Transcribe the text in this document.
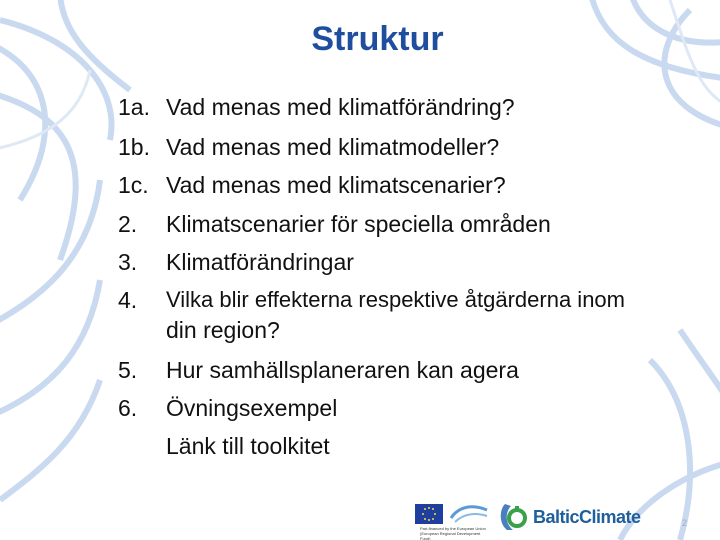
Struktur
1a. Vad menas med klimatförändring?
1b. Vad menas med klimatmodeller?
1c. Vad menas med klimatscenarier?
2. Klimatscenarier för speciella områden
3. Klimatförändringar
4. Vilka blir effekterna respektive åtgärderna inom
din region?
5. Hur samhällsplaneraren kan agera
6. Övningsexempel
Länk till toolkitet
Part-financed by the European Union (European Regional Development Fund)
BalticClimate	2
